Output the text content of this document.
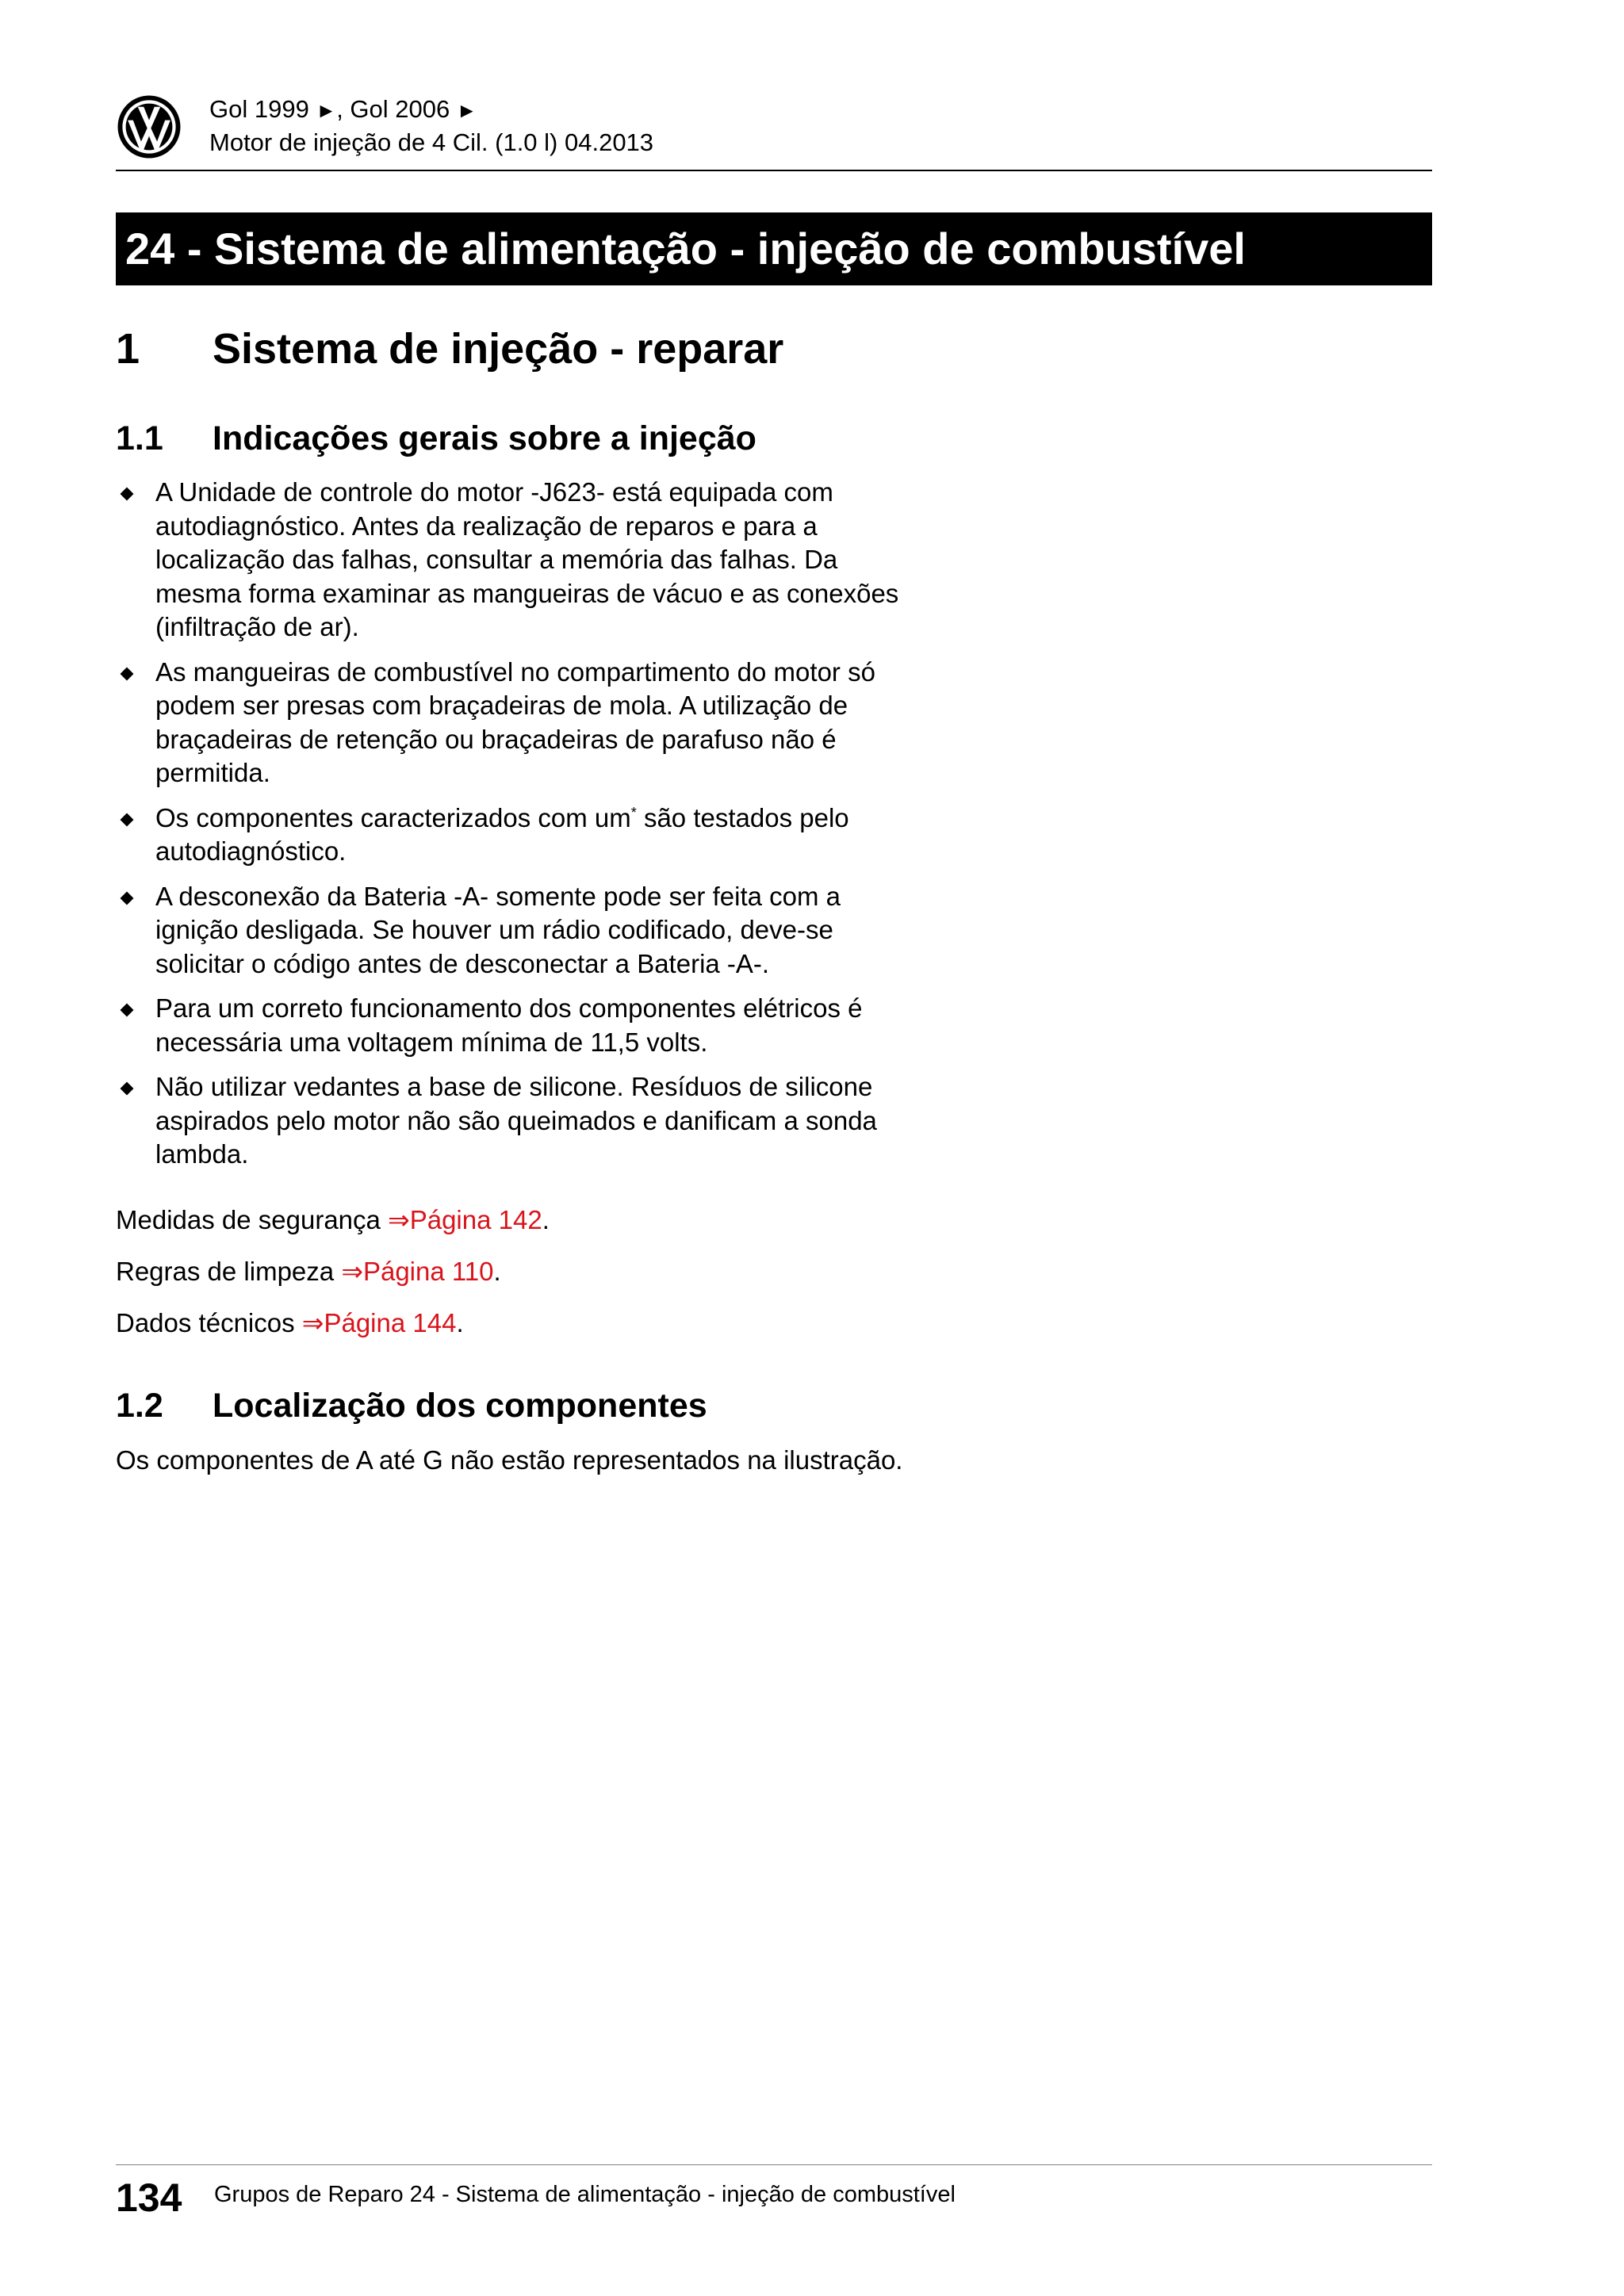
Gol 1999 ►, Gol 2006 ►
Motor de injeção de 4 Cil. (1.0 l) 04.2013
24 - Sistema de alimentação - injeção de combustível
1 Sistema de injeção - reparar
1.1 Indicações gerais sobre a injeção
A Unidade de controle do motor -J623- está equipada com autodiagnóstico. Antes da realização de reparos e para a localização das falhas, consultar a memória das falhas. Da mesma forma examinar as mangueiras de vácuo e as conexões (infiltração de ar).
As mangueiras de combustível no compartimento do motor só podem ser presas com braçadeiras de mola. A utilização de braçadeiras de retenção ou braçadeiras de parafuso não é permitida.
Os componentes caracterizados com um* são testados pelo autodiagnóstico.
A desconexão da Bateria -A- somente pode ser feita com a ignição desligada. Se houver um rádio codificado, deve-se solicitar o código antes de desconectar a Bateria -A-.
Para um correto funcionamento dos componentes elétricos é necessária uma voltagem mínima de 11,5 volts.
Não utilizar vedantes a base de silicone. Resíduos de silicone aspirados pelo motor não são queimados e danificam a sonda lambda.
Medidas de segurança ⇒Página 142.
Regras de limpeza ⇒Página 110.
Dados técnicos ⇒Página 144.
1.2 Localização dos componentes
Os componentes de A até G não estão representados na ilustração.
134 Grupos de Reparo 24 - Sistema de alimentação - injeção de combustível
